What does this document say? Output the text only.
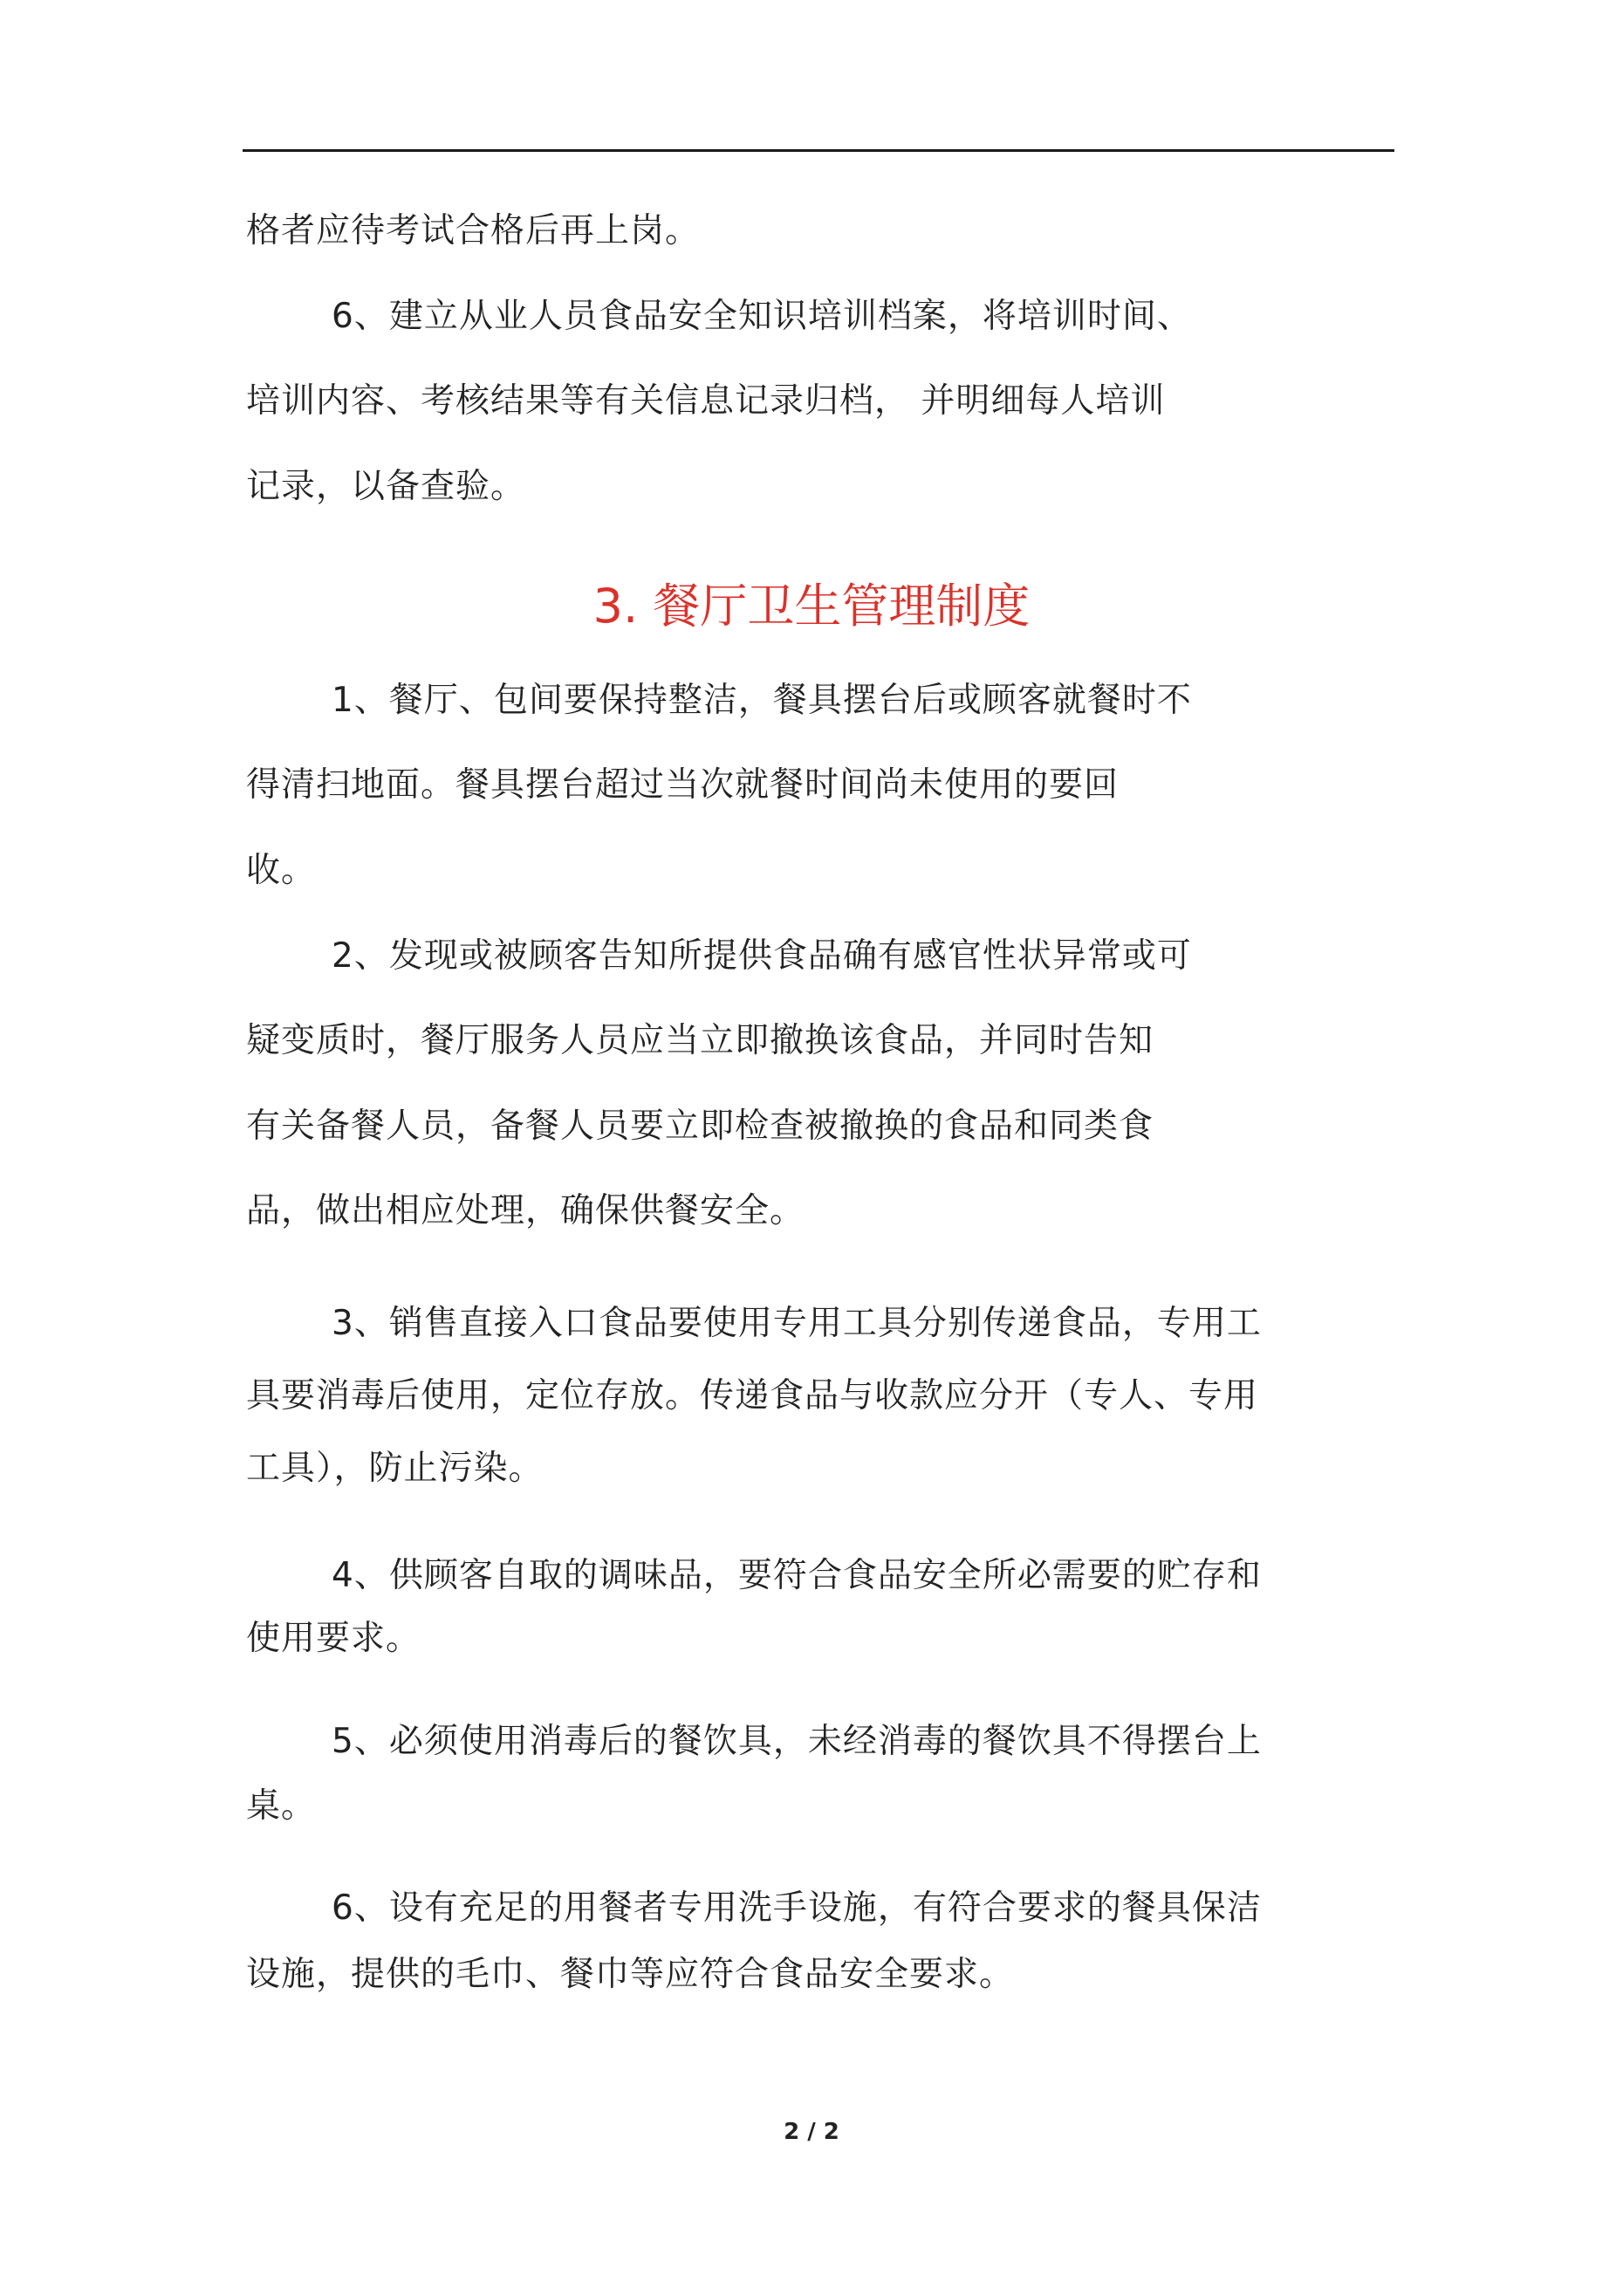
格者应待考试合格后再上岗。
6、建立从业人员食品安全知识培训档案，将培训时间、
培训内容、考核结果等有关信息记录归档， 并明细每人培训
记录，以备查验。
3. 餐厅卫生管理制度
1、餐厅、包间要保持整洁，餐具摆台后或顾客就餐时不
得清扫地面。餐具摆台超过当次就餐时间尚未使用的要回
收。
2、发现或被顾客告知所提供食品确有感官性状异常或可
疑变质时，餐厅服务人员应当立即撤换该食品，并同时告知
有关备餐人员，备餐人员要立即检查被撤换的食品和同类食
品，做出相应处理，确保供餐安全。
3、销售直接入口食品要使用专用工具分别传递食品，专用工
具要消毒后使用，定位存放。传递食品与收款应分开（专人、专用
工具），防止污染。
4、供顾客自取的调味品，要符合食品安全所必需要的贮存和
使用要求。
5、必须使用消毒后的餐饮具，未经消毒的餐饮具不得摆台上
桌。
6、设有充足的用餐者专用洗手设施，有符合要求的餐具保洁
设施，提供的毛巾、餐巾等应符合食品安全要求。
2 / 2
